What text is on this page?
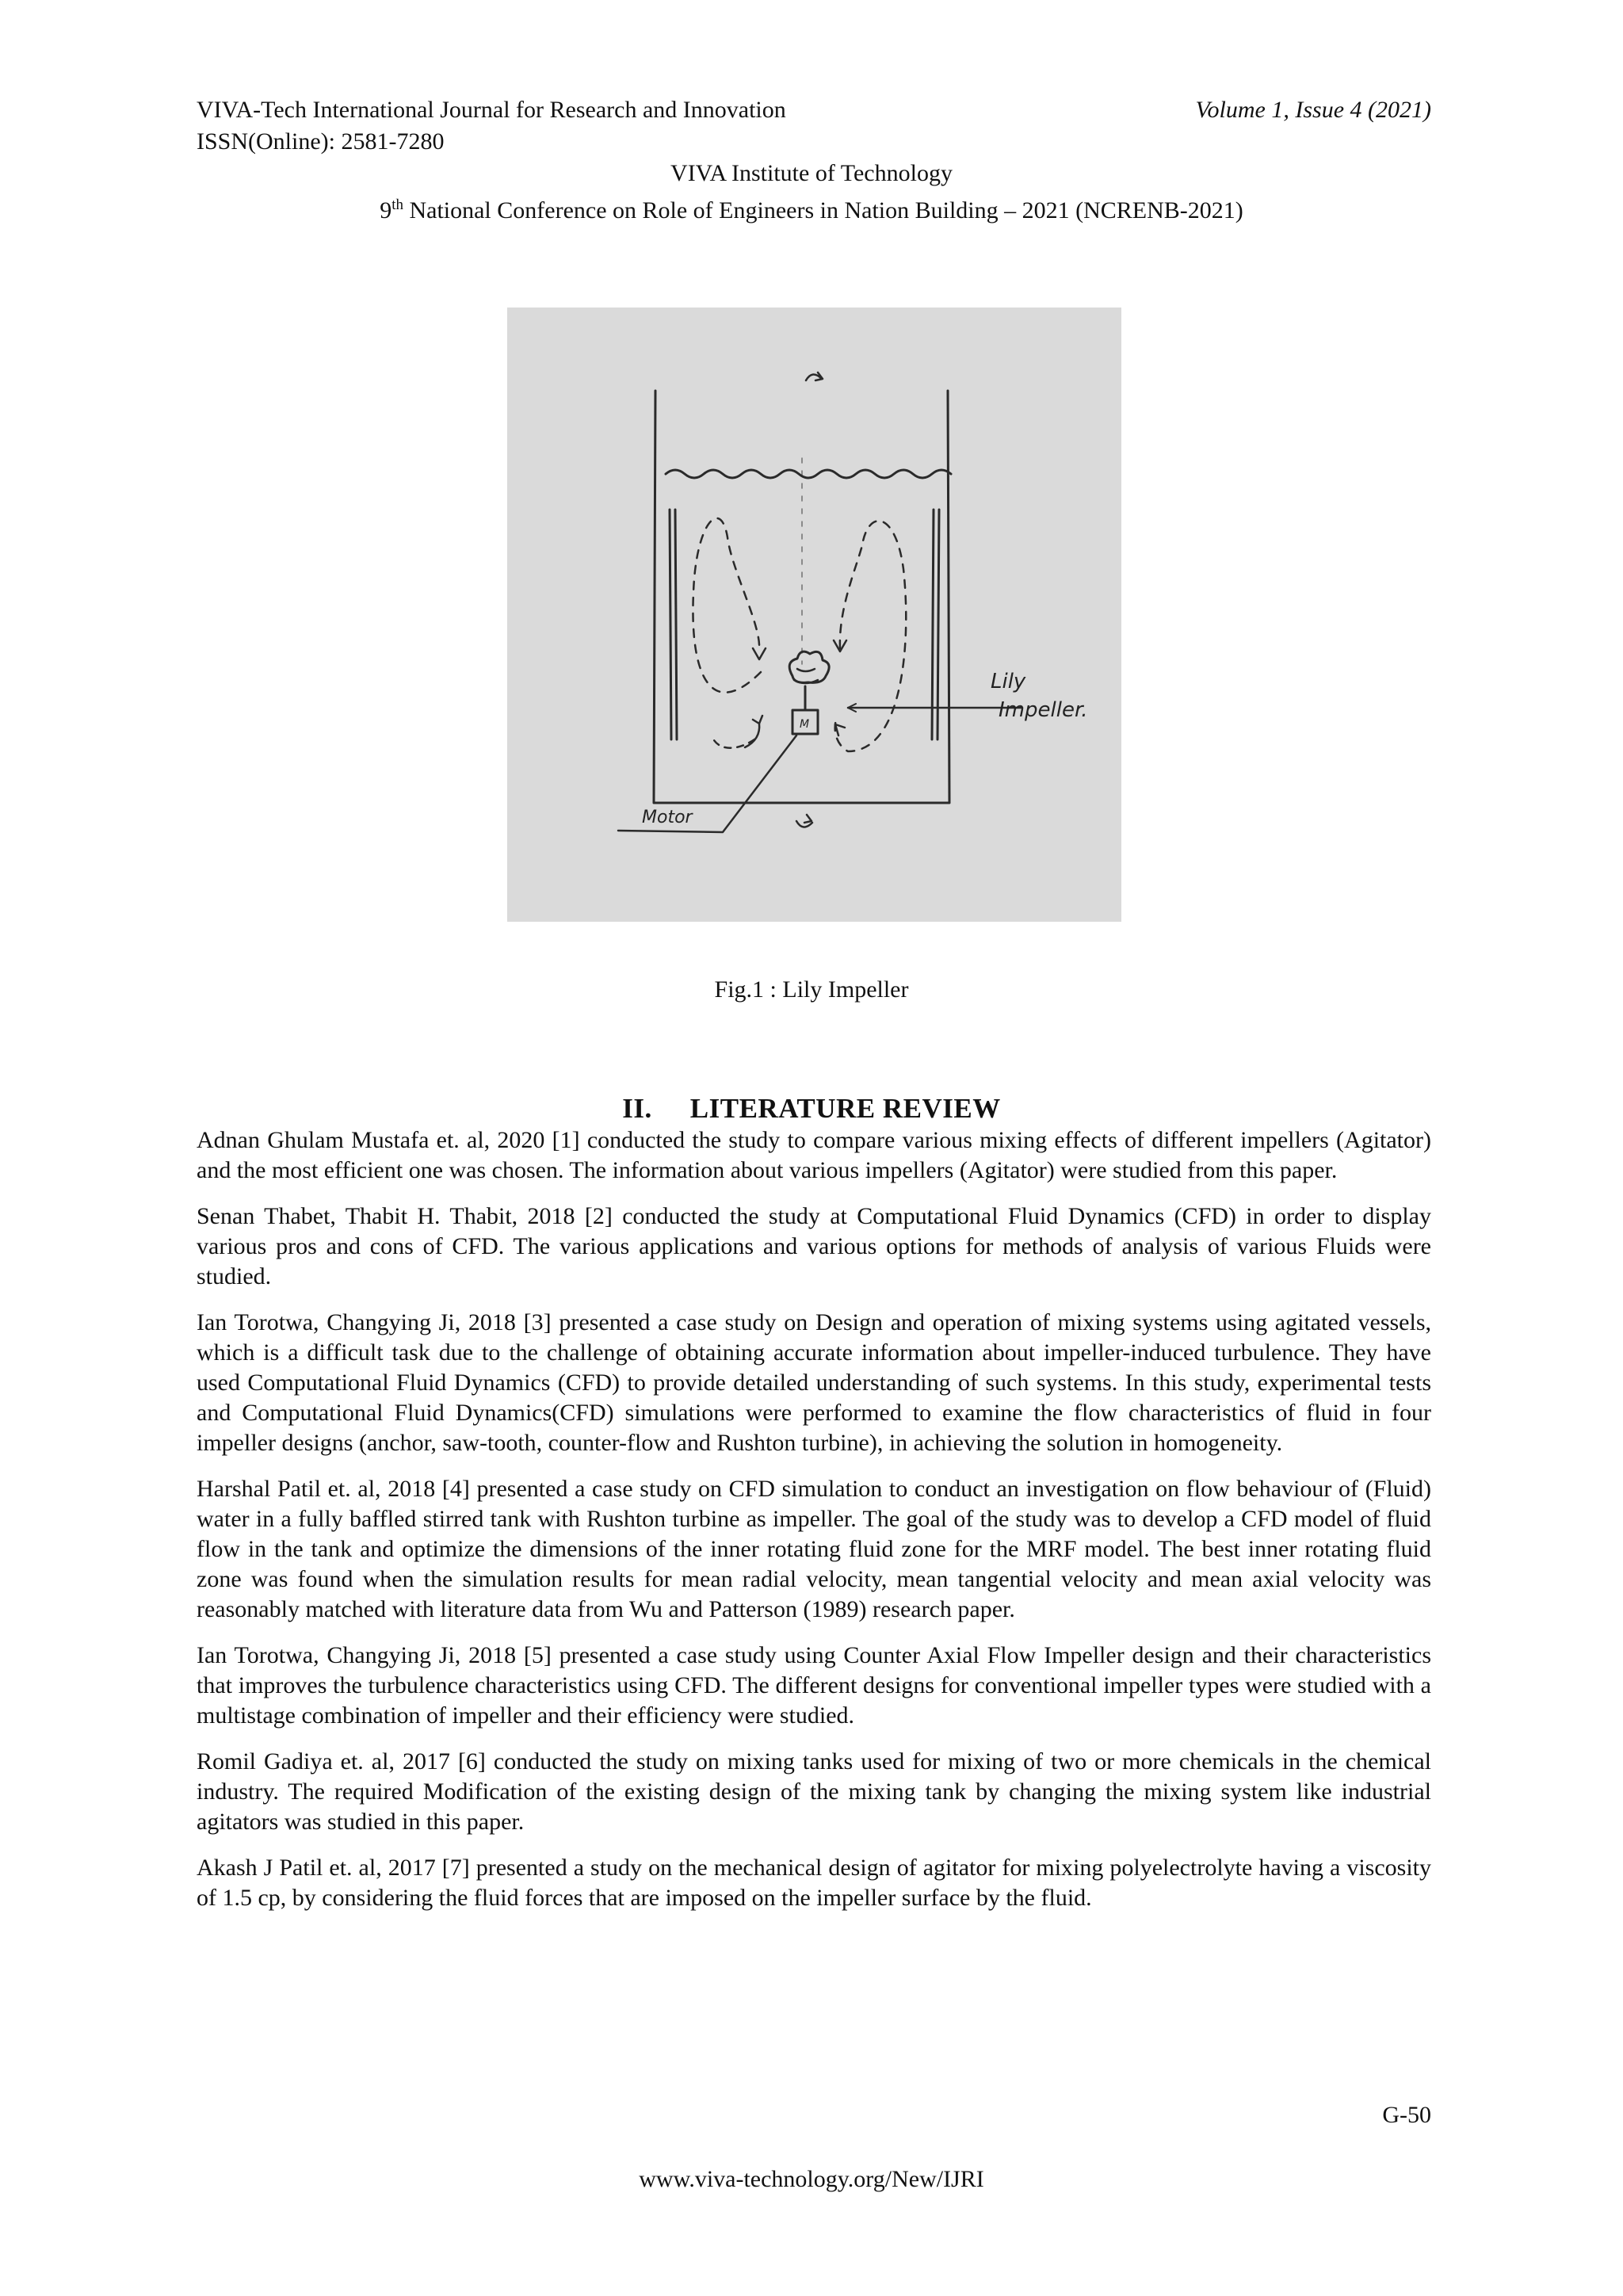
VIVA-Tech International Journal for Research and Innovation	Volume 1, Issue 4 (2021)
ISSN(Online): 2581-7280
VIVA Institute of Technology
9th National Conference on Role of Engineers in Nation Building – 2021 (NCRENB-2021)
Lily
Impeller.
Motor
M
Fig.1 : Lily Impeller
II. LITERATURE REVIEW

Adnan Ghulam Mustafa et. al, 2020 [1] conducted the study to compare various mixing effects of different impellers (Agitator) and the most efficient one was chosen. The information about various impellers (Agitator) were studied from this paper.

Senan Thabet, Thabit H. Thabit, 2018 [2] conducted the study at Computational Fluid Dynamics (CFD) in order to display various pros and cons of CFD. The various applications and various options for methods of analysis of various Fluids were studied.

Ian Torotwa, Changying Ji, 2018 [3] presented a case study on Design and operation of mixing systems using agitated vessels, which is a difficult task due to the challenge of obtaining accurate information about impeller-induced turbulence. They have used Computational Fluid Dynamics (CFD) to provide detailed understanding of such systems. In this study, experimental tests and Computational Fluid Dynamics(CFD) simulations were performed to examine the flow characteristics of fluid in four impeller designs (anchor, saw-tooth, counter-flow and Rushton turbine), in achieving the solution in homogeneity.

Harshal Patil et. al, 2018 [4] presented a case study on CFD simulation to conduct an investigation on flow behaviour of (Fluid) water in a fully baffled stirred tank with Rushton turbine as impeller. The goal of the study was to develop a CFD model of fluid flow in the tank and optimize the dimensions of the inner rotating fluid zone for the MRF model. The best inner rotating fluid zone was found when the simulation results for mean radial velocity, mean tangential velocity and mean axial velocity was reasonably matched with literature data from Wu and Patterson (1989) research paper.

Ian Torotwa, Changying Ji, 2018 [5] presented a case study using Counter Axial Flow Impeller design and their characteristics that improves the turbulence characteristics using CFD. The different designs for conventional impeller types were studied with a multistage combination of impeller and their efficiency were studied.

Romil Gadiya et. al, 2017 [6] conducted the study on mixing tanks used for mixing of two or more chemicals in the chemical industry. The required Modification of the existing design of the mixing tank by changing the mixing system like industrial agitators was studied in this paper.

Akash J Patil et. al, 2017 [7] presented a study on the mechanical design of agitator for mixing polyelectrolyte having a viscosity of 1.5 cp, by considering the fluid forces that are imposed on the impeller surface by the fluid.

G-50
www.viva-technology.org/New/IJRI
